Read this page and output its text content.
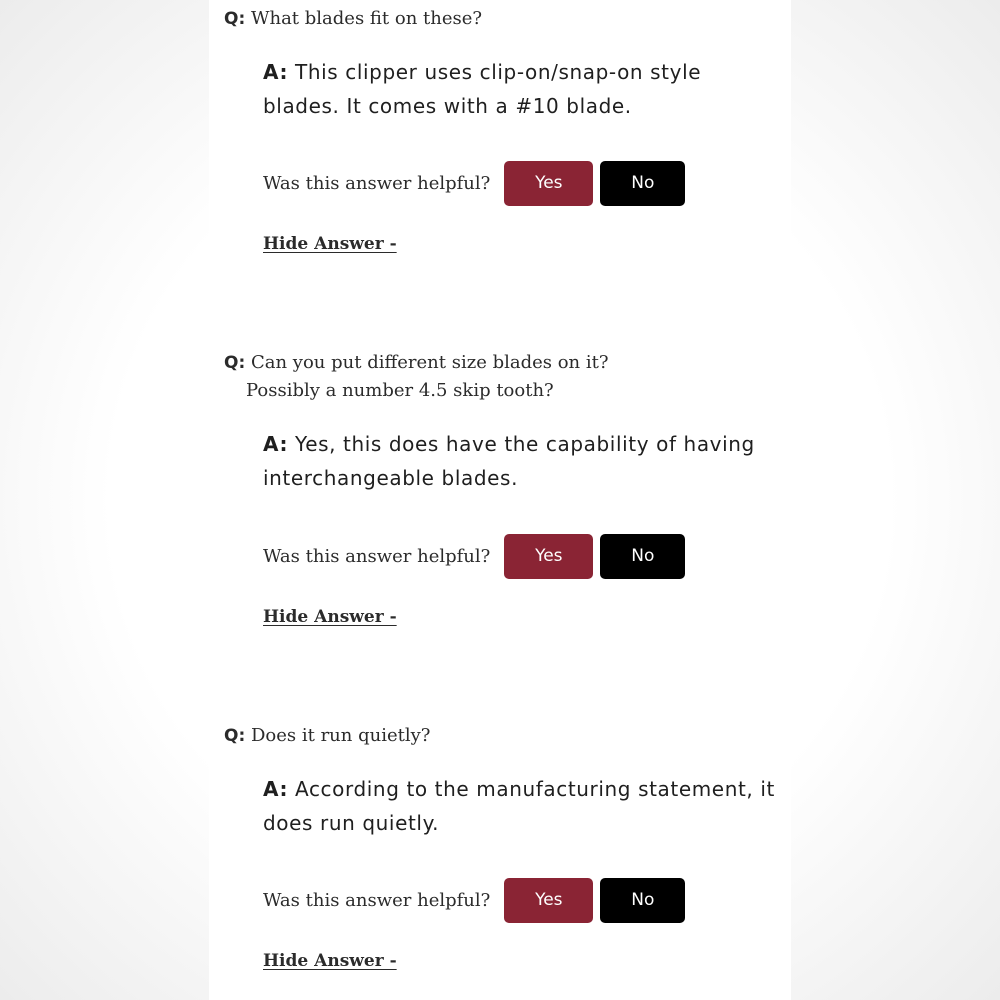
Q: What blades fit on these?
A: This clipper uses clip-on/snap-on style blades. It comes with a #10 blade.
Was this answer helpful?	Yes	No
Hide Answer -
Q: Can you put different size blades on it? Possibly a number 4.5 skip tooth?
A: Yes, this does have the capability of having interchangeable blades.
Was this answer helpful?	Yes	No
Hide Answer -
Q: Does it run quietly?
A: According to the manufacturing statement, it does run quietly.
Was this answer helpful?	Yes	No
Hide Answer -
